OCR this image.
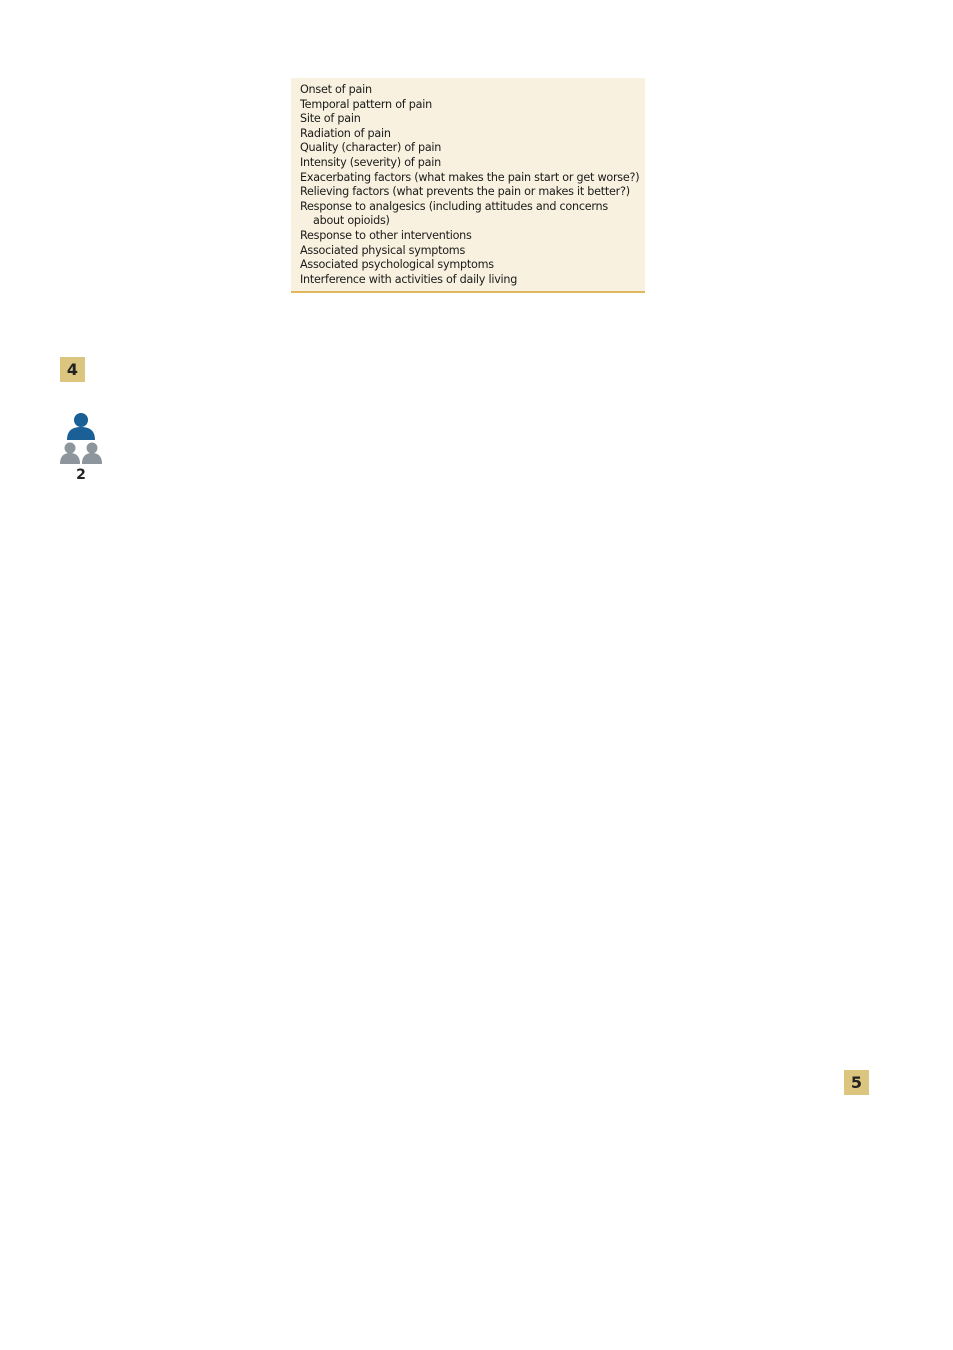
Onset of pain
Temporal pattern of pain
Site of pain
Radiation of pain
Quality (character) of pain
Intensity (severity) of pain
Exacerbating factors (what makes the pain start or get worse?)
Relieving factors (what prevents the pain or makes it better?)
Response to analgesics (including attitudes and concerns
about opioids)
Response to other interventions
Associated physical symptoms
Associated psychological symptoms
Interference with activities of daily living
4
2
5
